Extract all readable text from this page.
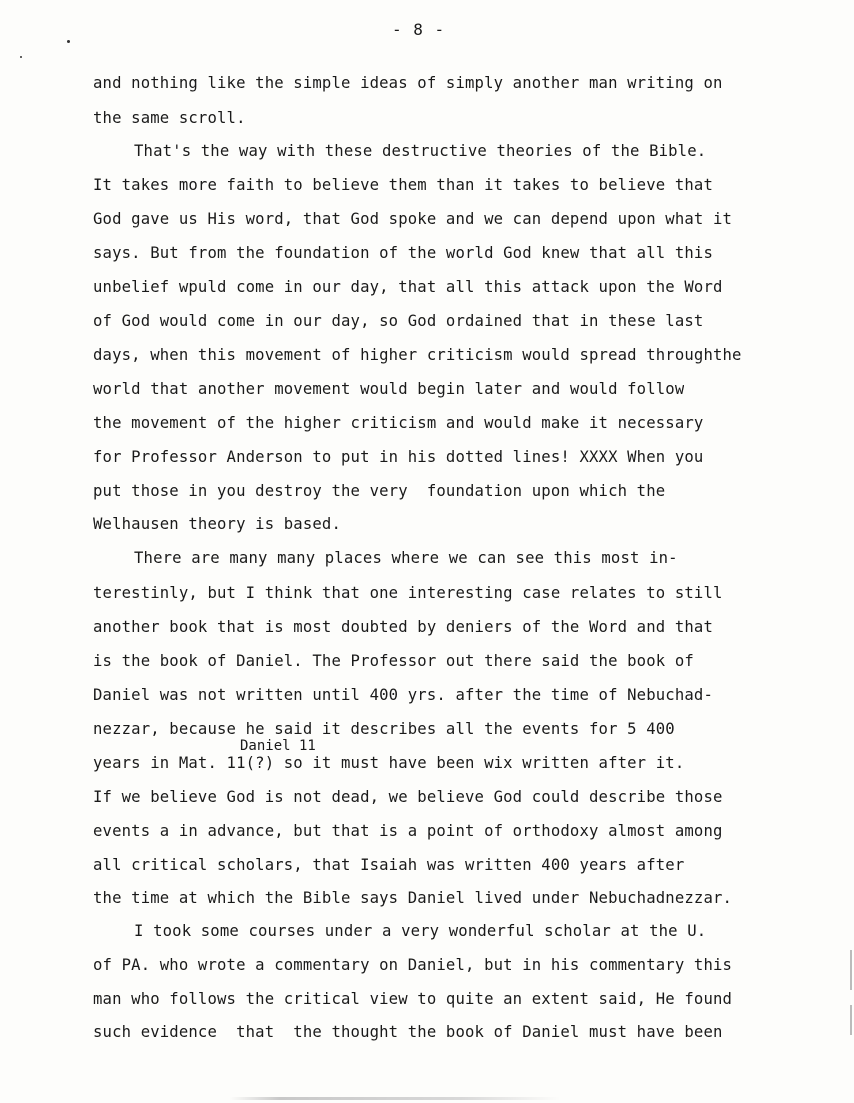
- 8 -
and nothing like the simple ideas of simply another man writing on
the same scroll.
That's the way with these destructive theories of the Bible.
It takes more faith to believe them than it takes to believe that
God gave us His word, that God spoke and we can depend upon what it
says. But from the foundation of the world God knew that all this
unbelief wpuld come in our day, that all this attack upon the Word
of God would come in our day, so God ordained that in these last
days, when this movement of higher criticism would spread throughthe
world that another movement would begin later and would follow
the movement of the higher criticism and would make it necessary
for Professor Anderson to put in his dotted lines! XXXX When you
put those in you destroy the very  foundation upon which the
Welhausen theory is based.
There are many many places where we can see this most in-
terestinly, but I think that one interesting case relates to still
another book that is most doubted by deniers of the Word and that
is the book of Daniel. The Professor out there said the book of
Daniel was not written until 400 yrs. after the time of Nebuchad-
nezzar, because he said it describes all the events for 5 400
Daniel 11
years in Mat. 11(?) so it must have been wix written after it.
If we believe God is not dead, we believe God could describe those
events a in advance, but that is a point of orthodoxy almost among
all critical scholars, that Isaiah was written 400 years after
the time at which the Bible says Daniel lived under Nebuchadnezzar.
I took some courses under a very wonderful scholar at the U.
of PA. who wrote a commentary on Daniel, but in his commentary this
man who follows the critical view to quite an extent said, He found
such evidence  that  the thought the book of Daniel must have been
